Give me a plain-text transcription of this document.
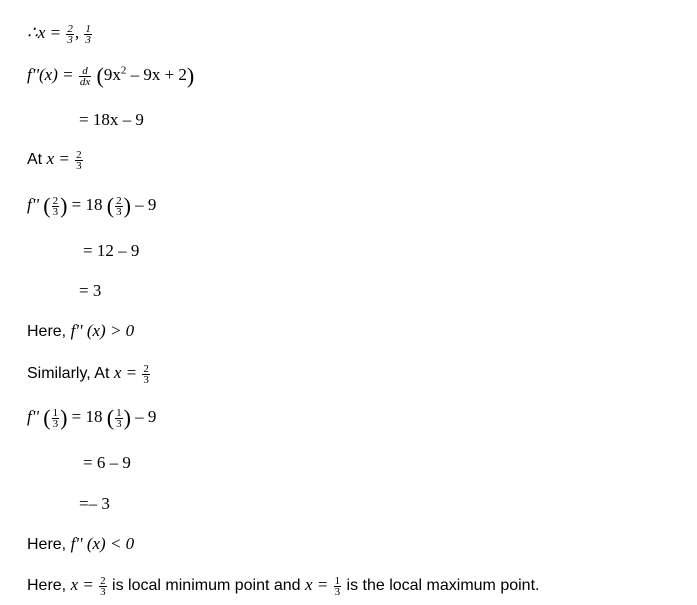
∴x = $\frac{2}{3}$ , $\frac{1}{3}$
$f''(x) = \frac{d}{dx} (9x^2 - 9x + 2)$
= 18x – 9
At $x = \frac{2}{3}$
f'' ( $\frac{2}{3}$ ) = 18 ( $\frac{2}{3}$ ) – 9
= 12 – 9
= 3
Here, f'' (x) > 0
Similarly, At $x = \frac{2}{3}$
f'' ( $\frac{1}{3}$ ) = 18 ( $\frac{1}{3}$ ) – 9
= 6 – 9
=– 3
Here, f'' (x) < 0
Here, $x = \frac{2}{3}$ is local minimum point and $x = \frac{1}{3}$ is the local maximum point.
